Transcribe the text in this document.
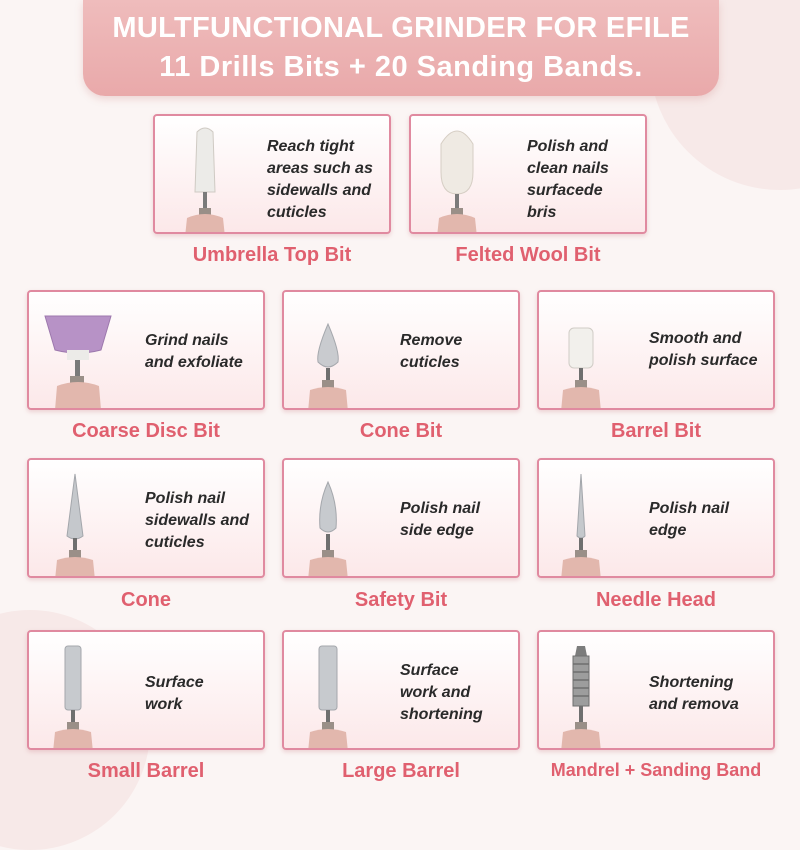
MULTFUNCTIONAL GRINDER FOR EFILE
11 Drills Bits + 20 Sanding Bands.
Reach tight
areas such as
sidewalls and
cuticles
Umbrella Top Bit
Polish and
clean nails
surfacede
bris
Felted Wool Bit
Grind nails
and exfoliate
Coarse Disc Bit
Remove
cuticles
Cone Bit
Smooth and
polish surface
Barrel Bit
Polish nail
sidewalls and
cuticles
Cone
Polish nail
side edge
Safety Bit
Polish nail
edge
Needle Head
Surface
work
Small Barrel
Surface
work and
shortening
Large Barrel
Shortening
and remova
Mandrel + Sanding Band
